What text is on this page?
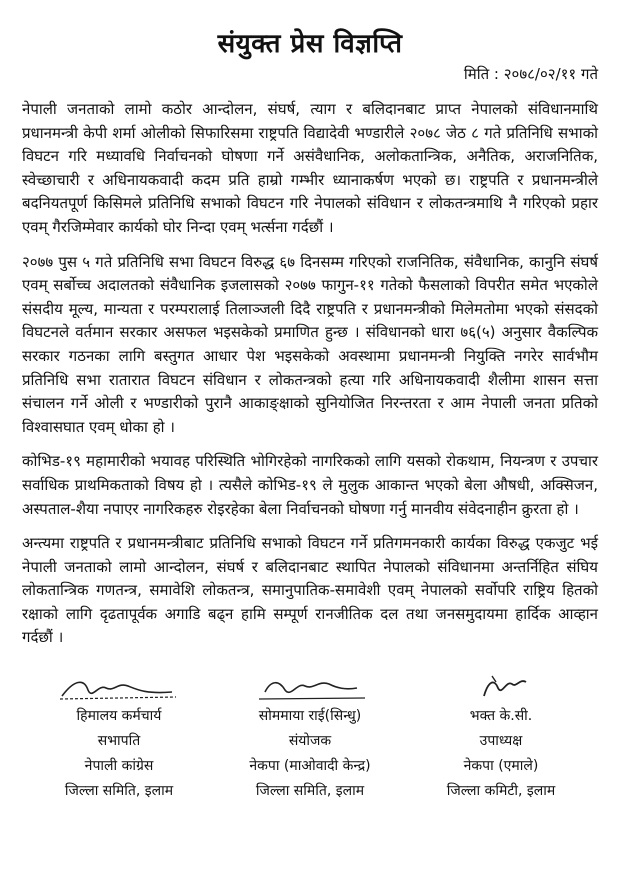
संयुक्त प्रेस विज्ञप्ति
मिति : २०७८/०२/११ गते

नेपाली जनताको लामो कठोर आन्दोलन, संघर्ष, त्याग र बलिदानबाट प्राप्त नेपालको संविधानमाथि प्रधानमन्त्री केपी शर्मा ओलीको सिफारिसमा राष्ट्रपति विद्यादेवी भण्डारीले २०७८ जेठ ८ गते प्रतिनिधि सभाको विघटन गरि मध्यावधि निर्वाचनको घोषणा गर्ने असंवैधानिक, अलोकतान्त्रिक, अनैतिक, अराजनितिक, स्वेच्छाचारी र अधिनायकवादी कदम प्रति हाम्रो गम्भीर ध्यानाकर्षण भएको छ। राष्ट्रपति र प्रधानमन्त्रीले बदनियतपूर्ण किसिमले प्रतिनिधि सभाको विघटन गरि नेपालको संविधान र लोकतन्त्रमाथि नै गरिएको प्रहार एवम् गैरजिम्मेवार कार्यको घोर निन्दा एवम् भर्त्सना गर्दछौं ।

२०७७ पुस ५ गते प्रतिनिधि सभा विघटन विरुद्ध ६७ दिनसम्म गरिएको राजनितिक, संवैधानिक, कानुनि संघर्ष एवम् सर्बोच्च अदालतको संवैधानिक इजलासको २०७७ फागुन-११ गतेको फैसलाको विपरीत समेत भएकोले संसदीय मूल्य, मान्यता र परम्परालाई तिलाञ्जली दिदै राष्ट्रपति र प्रधानमन्त्रीको मिलेमतोमा भएको संसदको विघटनले वर्तमान सरकार असफल भइसकेको प्रमाणित हुन्छ । संविधानको धारा ७६(५) अनुसार वैकल्पिक सरकार गठनका लागि बस्तुगत आधार पेश भइसकेको अवस्थामा प्रधानमन्त्री नियुक्ति नगरेर सार्वभौम प्रतिनिधि सभा रातारात विघटन संविधान र लोकतन्त्रको हत्या गरि अधिनायकवादी शैलीमा शासन सत्ता संचालन गर्ने ओली र भण्डारीको पुरानै आकाङ्क्षाको सुनियोजित निरन्तरता र आम नेपाली जनता प्रतिको विश्वासघात एवम् धोका हो ।

कोभिड-१९ महामारीको भयावह परिस्थिति भोगिरहेको नागरिकको लागि यसको रोकथाम, नियन्त्रण र उपचार सर्वाधिक प्राथमिकताको विषय हो । त्यसैले कोभिड-१९ ले मुलुक आकान्त भएको बेला औषधी, अक्सिजन, अस्पताल-शैया नपाएर नागरिकहरु रोइरहेका बेला निर्वाचनको घोषणा गर्नु मानवीय संवेदनाहीन क्रुरता हो ।

अन्त्यमा राष्ट्रपति र प्रधानमन्त्रीबाट प्रतिनिधि सभाको विघटन गर्ने प्रतिगमनकारी कार्यका विरुद्ध एकजुट भई नेपाली जनताको लामो आन्दोलन, संघर्ष र बलिदानबाट स्थापित नेपालको संविधानमा अन्तर्निहित संघिय लोकतान्त्रिक गणतन्त्र, समावेशि लोकतन्त्र, समानुपातिक-समावेशी एवम् नेपालको सर्वोपरि राष्ट्रिय हितको रक्षाको लागि दृढतापूर्वक अगाडि बढ्न हामि सम्पूर्ण रानजीतिक दल तथा जनसमुदायमा हार्दिक आव्हान गर्दछौं ।

हिमालय कर्मचार्य
सभापति
नेपाली कांग्रेस
जिल्ला समिति, इलाम
सोममाया राई(सिन्धु)
संयोजक
नेकपा (माओवादी केन्द्र)
जिल्ला समिति, इलाम
भक्त के.सी.
उपाध्यक्ष
नेकपा (एमाले)
जिल्ला कमिटी, इलाम
